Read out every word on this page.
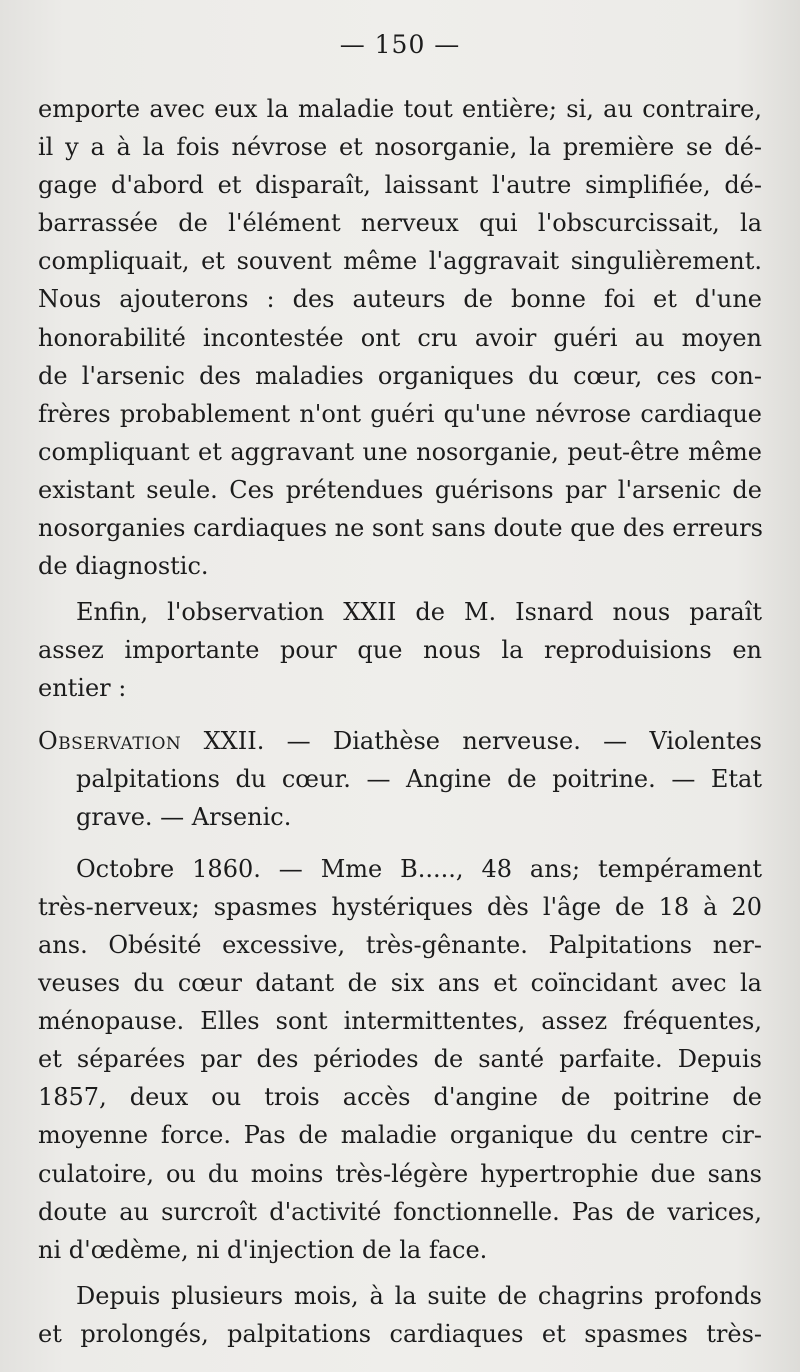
— 150 —
emporte avec eux la maladie tout entière; si, au contraire,
il y a à la fois névrose et nosorganie, la première se dé-
gage d'abord et disparaît, laissant l'autre simplifiée, dé-
barrassée de l'élément nerveux qui l'obscurcissait, la
compliquait, et souvent même l'aggravait singulièrement.
Nous ajouterons : des auteurs de bonne foi et d'une
honorabilité incontestée ont cru avoir guéri au moyen
de l'arsenic des maladies organiques du cœur, ces con-
frères probablement n'ont guéri qu'une névrose cardiaque
compliquant et aggravant une nosorganie, peut-être même
existant seule. Ces prétendues guérisons par l'arsenic de
nosorganies cardiaques ne sont sans doute que des erreurs
de diagnostic.
Enfin, l'observation XXII de M. Isnard nous paraît
assez importante pour que nous la reproduisions en
entier :
Observation XXII. — Diathèse nerveuse. — Violentes
palpitations du cœur. — Angine de poitrine. — Etat
grave. — Arsenic.
Octobre 1860. — Mme B....., 48 ans; tempérament
très-nerveux; spasmes hystériques dès l'âge de 18 à 20
ans. Obésité excessive, très-gênante. Palpitations ner-
veuses du cœur datant de six ans et coïncidant avec la
ménopause. Elles sont intermittentes, assez fréquentes,
et séparées par des périodes de santé parfaite. Depuis
1857, deux ou trois accès d'angine de poitrine de
moyenne force. Pas de maladie organique du centre cir-
culatoire, ou du moins très-légère hypertrophie due sans
doute au surcroît d'activité fonctionnelle. Pas de varices,
ni d'œdème, ni d'injection de la face.
Depuis plusieurs mois, à la suite de chagrins profonds
et prolongés, palpitations cardiaques et spasmes très-
